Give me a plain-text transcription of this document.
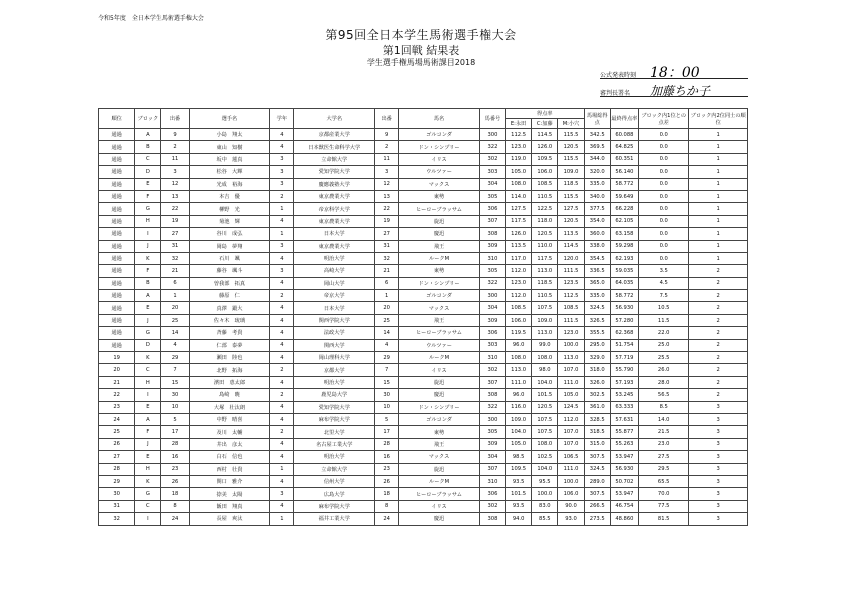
令和5年度　全日本学生馬術選手権大会
第95回全日本学生馬術選手権大会
第1回戦 結果表
学生選手権馬場馬術課目2018
公式発表時刻 18：00
審判長署名 加藤ちか子
順位	ブロック	出番	選手名	学年	大学名	出番	馬名	馬番号	得点率			馬場総得点	最終得点率	ブロック内1位との点差	ブロック内2位同士の順位
									E:永田	C:加藤	M:小穴				
通過	A	9	小島　翔太	4	京都産業大学	9	ゴルコンダ	300	112.5	114.5	115.5	342.5	60.088	0.0	1
通過	B	2	東山　知樹	4	日本獣医生命科学大学	2	ドン・シンプリー	322	123.0	126.0	120.5	369.5	64.825	0.0	1
通過	C	11	坂中　蓮真	3	立命館大学	11	イリス	302	119.0	109.5	115.5	344.0	60.351	0.0	1
通過	D	3	松谷　大輝	3	愛知学院大学	3	ウルツァー	303	105.0	106.0	109.0	320.0	56.140	0.0	1
通過	E	12	光成　裕海	3	慶應義塾大学	12	マックス	304	108.0	108.5	118.5	335.0	58.772	0.0	1
通過	F	13	本吉　優	2	東京農業大学	13	東勢	305	114.0	110.5	115.5	340.0	59.649	0.0	1
通過	G	22	柳野　光	1	帝京科学大学	22	ヒーローブラッサム	306	127.5	122.5	127.5	377.5	66.228	0.0	1
通過	H	19	菊池　輝	4	東京農業大学	19	旋迅	307	117.5	118.0	120.5	354.0	62.105	0.0	1
通過	I	27	谷川　成弘	1	日本大学	27	慶迅	308	126.0	120.5	113.5	360.0	63.158	0.0	1
通過	J	31	岡島　夢翔	3	東京農業大学	31	飛王	309	113.5	110.0	114.5	338.0	59.298	0.0	1
通過	K	32	石川　颯	4	明治大学	32	ルークM	310	117.0	117.5	120.0	354.5	62.193	0.0	1
通過	F	21	藤谷　颯斗	3	高崎大学	21	東勢	305	112.0	113.0	111.5	336.5	59.035	3.5	2
通過	B	6	曽我部　拓真	4	岡山大学	6	ドン・シンプリー	322	123.0	118.5	123.5	365.0	64.035	4.5	2
通過	A	1	藤原　仁	2	帝京大学	1	ゴルコンダ	300	112.0	110.5	112.5	335.0	58.772	7.5	2
通過	E	20	真澤　鍛大	4	日本大学	20	マックス	304	108.5	107.5	108.5	324.5	56.930	10.5	2
通過	J	25	佐々木　琉璃	4	関西学院大学	25	飛王	309	106.0	109.0	111.5	326.5	57.280	11.5	2
通過	G	14	斉藤　考貴	4	法政大学	14	ヒーローブラッサム	306	119.5	113.0	123.0	355.5	62.368	22.0	2
通過	D	4	仁部　泰夢	4	関西大学	4	ウルツァー	303	96.0	99.0	100.0	295.0	51.754	25.0	2
19	K	29	瀬田　陸也	4	岡山理科大学	29	ルークM	310	108.0	108.0	113.0	329.0	57.719	25.5	2
20	C	7	北野　拓海	2	京都大学	7	イリス	302	113.0	98.0	107.0	318.0	55.790	26.0	2
21	H	15	濱田　恵太郎	4	明治大学	15	旋迅	307	111.0	104.0	111.0	326.0	57.193	28.0	2
22	I	30	島崎　暁	2	鹿児島大学	30	慶迅	308	96.0	101.5	105.0	302.5	53.245	56.5	2
23	E	10	大塚　壮汰朗	4	愛知学院大学	10	ドン・シンプリー	322	116.0	120.5	124.5	361.0	63.333	8.5	3
24	A	5	中野　晴喜	4	麻布学院大学	5	ゴルコンダ	300	109.0	107.5	112.0	328.5	57.631	14.0	3
25	F	17	及川　太輔	2	北里大学	17	東勢	305	104.0	107.5	107.0	318.5	55.877	21.5	3
26	J	28	井出　彦太	4	名古屋工業大学	28	飛王	309	105.0	108.0	107.0	315.0	55.263	23.0	3
27	E	16	白石　信也	4	明治大学	16	マックス	304	98.5	102.5	106.5	307.5	53.947	27.5	3
28	H	23	西村　壮貴	1	立命館大学	23	旋迅	307	109.5	104.0	111.0	324.5	56.930	29.5	3
29	K	26	関口　雅介	4	信州大学	26	ルークM	310	93.5	95.5	100.0	289.0	50.702	65.5	3
30	G	18	捺美　太陽	3	広島大学	18	ヒーローブラッサム	306	101.5	100.0	106.0	307.5	53.947	70.0	3
31	C	8	飯田　翔真	4	麻布学院大学	8	イリス	302	93.5	83.0	90.0	266.5	46.754	77.5	3
32	I	24	長屋　爽汰	1	福井工業大学	24	慶迅	308	94.0	85.5	93.0	273.5	48.860	81.5	3
